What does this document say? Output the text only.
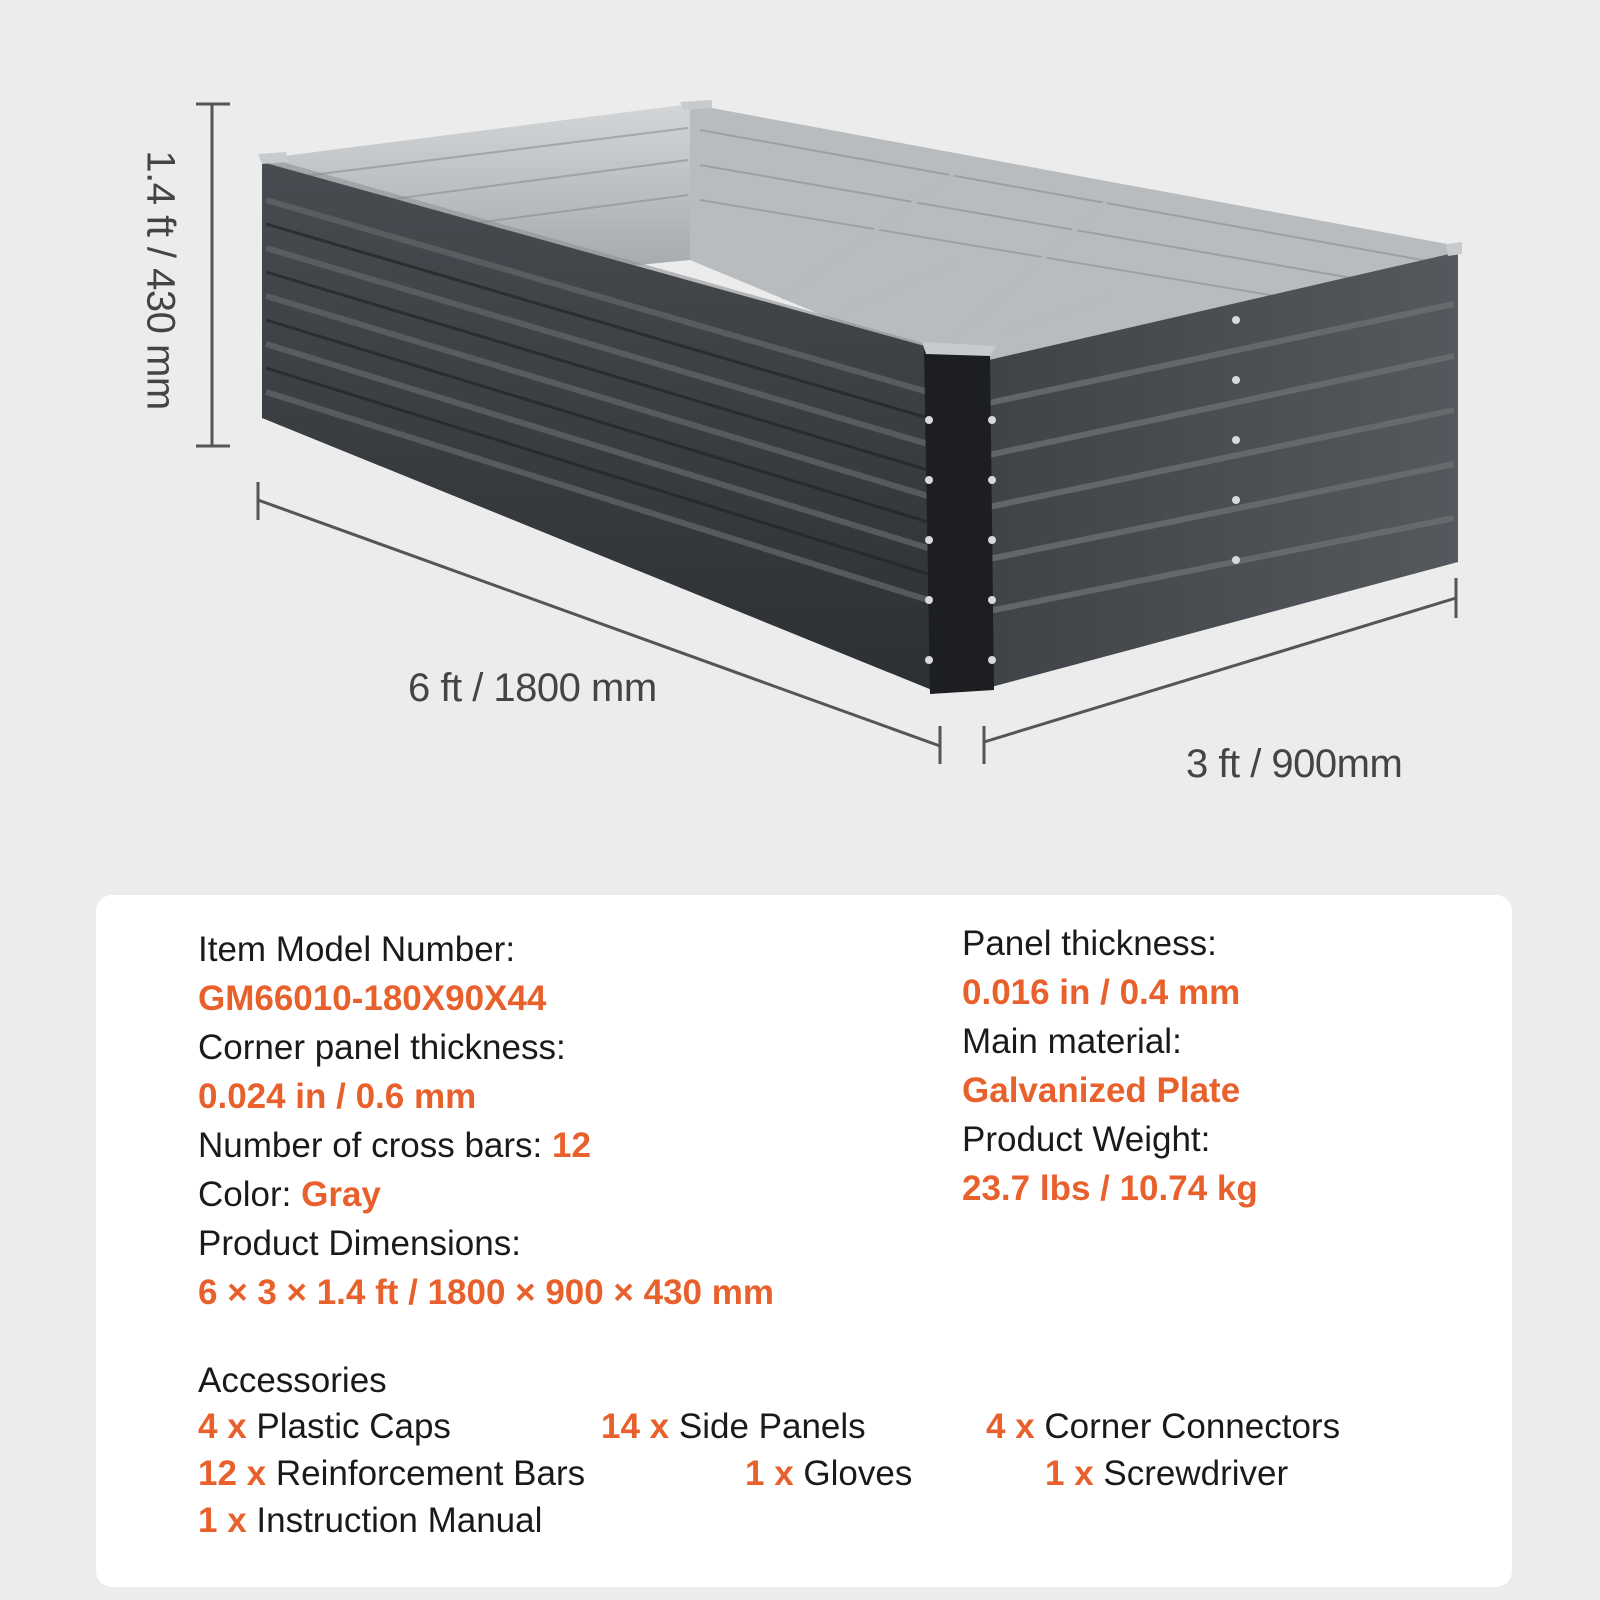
1.4 ft / 430 mm
6 ft / 1800 mm
3 ft / 900mm
Item Model Number:
GM66010-180X90X44
Corner panel thickness:
0.024 in / 0.6 mm
Number of cross bars: 12
Color: Gray
Product Dimensions:
6 × 3 × 1.4 ft / 1800 × 900 × 430 mm
Panel thickness:
0.016 in / 0.4 mm
Main material:
Galvanized Plate
Product Weight:
23.7 lbs / 10.74 kg
Accessories
4 x Plastic Caps	14 x Side Panels	4 x Corner Connectors
12 x Reinforcement Bars	1 x Gloves	1 x Screwdriver
1 x Instruction Manual
